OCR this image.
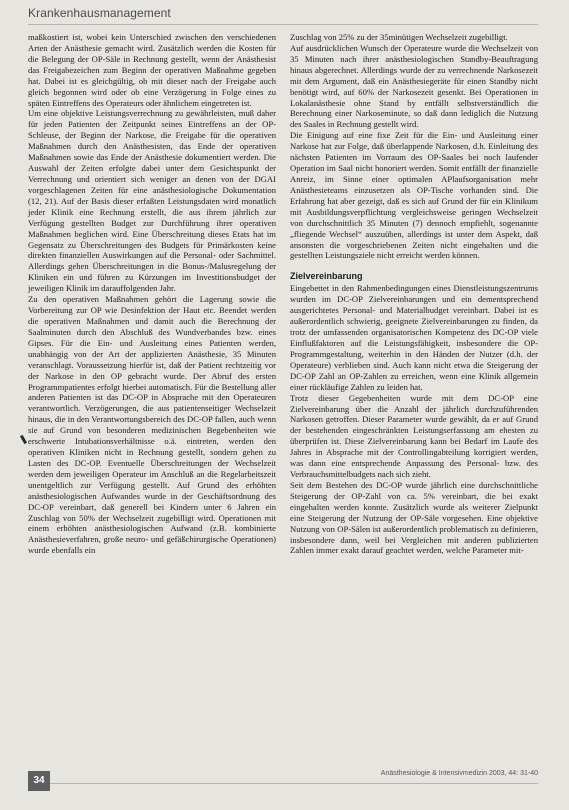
Krankenhausmanagement

maßkostiert ist, wobei kein Unterschied zwischen den verschiedenen Arten der Anästhesie gemacht wird. Zusätzlich werden die Kosten für die Belegung der OP-Säle in Rechnung gestellt, wenn der Anästhesist das Freigabezeichen zum Beginn der operativen Maßnahme gegeben hat. Dabei ist es gleichgültig, ob mit dieser nach der Freigabe auch gleich begonnen wird oder ob eine Verzögerung in Folge eines zu späten Eintreffens des Operateurs oder ähnlichem eingetreten ist.

Um eine objektive Leistungsverrechnung zu gewährleisten, muß daher für jeden Patienten der Zeitpunkt seines Eintreffens an der OP-Schleuse, der Beginn der Narkose, die Freigabe für die operativen Maßnahmen durch den Anästhesisten, das Ende der operativen Maßnahmen sowie das Ende der Anästhesie dokumentiert werden. Die Auswahl der Zeiten erfolgte dabei unter dem Gesichtspunkt der Verrechnung und orientiert sich weniger an denen von der DGAI vorgeschlagenen Zeiten für eine anästhesiologische Dokumentation (12, 21). Auf der Basis dieser erfaßten Leistungsdaten wird monatlich jeder Klinik eine Rechnung erstellt, die aus ihrem jährlich zur Verfügung gestellten Budget zur Durchführung ihrer operativen Maßnahmen beglichen wird. Eine Überschreitung dieses Etats hat im Gegensatz zu Überschreitungen des Budgets für Primärkosten keine direkten finanziellen Auswirkungen auf die Personal- oder Sachmittel. Allerdings gehen Überschreitungen in die Bonus-/Malusregelung der Kliniken ein und führen zu Kürzungen im Investitionsbudget der jeweiligen Klinik im darauffolgenden Jahr.

Zu den operativen Maßnahmen gehört die Lagerung sowie die Vorbereitung zur OP wie Desinfektion der Haut etc. Beendet werden die operativen Maßnahmen und damit auch die Berechnung der Saalminuten durch den Abschluß des Wundverbandes bzw. eines Gipses. Für die Ein- und Ausleitung eines Patienten werden, unabhängig von der Art der applizierten Anästhesie, 35 Minuten veranschlagt. Voraussetzung hierfür ist, daß der Patient rechtzeitig vor der Narkose in den OP gebracht wurde. Der Abruf des ersten Programmpatientes erfolgt hierbei automatisch. Für die Bestellung aller anderen Patienten ist das DC-OP in Absprache mit den Operateuren verantwortlich. Verzögerungen, die aus patientenseitiger Wechselzeit hinaus, die in den Verantwortungsbereich des DC-OP fallen, auch wenn sie auf Grund von besonderen medizinischen Begebenheiten wie erschwerte Intubationsverhältnisse o.ä. eintreten, werden den operativen Kliniken nicht in Rechnung gestellt, sondern gehen zu Lasten des DC-OP. Eventuelle Überschreitungen der Wechselzeit werden dem jeweiligen Operateur im Anschluß an die Regelarbeitszeit unentgeltlich zur Verfügung gestellt. Auf Grund des erhöhten anästhesiologischen Aufwandes wurde in der Geschäftsordnung des DC-OP vereinbart, daß generell bei Kindern unter 6 Jahren ein Zuschlag von 50% der Wechselzeit zugebilligt wird. Operationen mit einem erhöhten anästhesiologischen Aufwand (z.B. kombinierte Anästhesieverfahren, große neuro- und gefäßchirurgische Operationen) wurde ebenfalls ein

Zuschlag von 25% zu der 35minütigen Wechselzeit zugebilligt.

Auf ausdrücklichen Wunsch der Operateure wurde die Wechselzeit von 35 Minuten nach ihrer anästhesiologischen Standby-Beauftragung hinaus abgerechnet. Allerdings wurde der zu verrechnende Narkosezeit mit dem Argument, daß ein Anästhesiegeräte für einen Standby nicht benötigt wird, auf 60% der Narkosezeit gesenkt. Bei Operationen in Lokalanästhesie ohne Stand by entfällt selbstverständlich die Berechnung einer Narkoseminute, so daß dann lediglich die Nutzung des Saales in Rechnung gestellt wird.

Die Einigung auf eine fixe Zeit für die Ein- und Ausleitung einer Narkose hat zur Folge, daß überlappende Narkosen, d.h. Einleitung des nächsten Patienten im Vorraum des OP-Saales bei noch laufender Operation im Saal nicht honoriert werden. Somit entfällt der finanzielle Anreiz, im Sinne einer optimalen APlaufsorganisation mehr Anästhesieteams einzusetzen als OP-Tische vorhanden sind. Die Erfahrung hat aber gezeigt, daß es sich auf Grund der für ein Klinikum mit Ausbildungsverpflichtung vergleichsweise geringen Wechselzeit von durchschnittlich 35 Minuten (7) dennoch empfiehlt, sogenannte „fliegende Wechsel“ auszuüben, allerdings ist unter dem Aspekt, daß ansonsten die vorgeschriebenen Zeiten nicht eingehalten und die gestellten Leistungsziele nicht erreicht werden können.

Zielvereinbarung

Eingebettet in den Rahmenbedingungen eines Dienstleistungszentrums wurden im DC-OP Zielvereinbarungen und ein dementsprechend ausgerichtetes Personal- und Materialbudget vereinbart. Dabei ist es außerordentlich schwierig, geeignete Zielvereinbarungen zu finden, da trotz der umfassenden organisatorischen Kompetenz des DC-OP viele Einflußfaktoren auf die Leistungsfähigkeit, insbesondere die OP-Programmgestaltung, weiterhin in den Händen der Nutzer (d.h. der Operateure) verblieben sind. Auch kann nicht etwa die Steigerung der DC-OP Zahl an OP-Zahlen zu erreichen, wenn eine Klinik allgemein einer rückläufige Zahlen zu leiden hat.

Trotz dieser Gegebenheiten wurde mit dem DC-OP eine Zielvereinbarung über die Anzahl der jährlich durchzuführenden Narkosen getroffen. Dieser Parameter wurde gewählt, da er auf Grund der bestehenden eingeschränkten Leistungserfassung am ehesten zu überprüfen ist. Diese Zielvereinbarung kann bei Bedarf im Laufe des Jahres in Absprache mit der Controllingabteilung korrigiert werden, was dann eine entsprechende Anpassung des Personal- bzw. des Verbrauchsmittelbudgets nach sich zieht.

Seit dem Bestehen des DC-OP wurde jährlich eine durchschnittliche Steigerung der OP-Zahl von ca. 5% vereinbart, die bei exakt eingehalten werden konnte. Zusätzlich wurde als weiterer Zielpunkt eine Steigerung der Nutzung der OP-Säle vorgesehen. Eine objektive Nutzung von OP-Sälen ist außerordentlich problematisch zu definieren, insbesondere dann, weil bei Vergleichen mit anderen publizierten Zahlen immer exakt darauf geachtet werden, welche Parameter mit-

34
Anästhesiologie & Intensivmedizin 2003, 44: 31-40
